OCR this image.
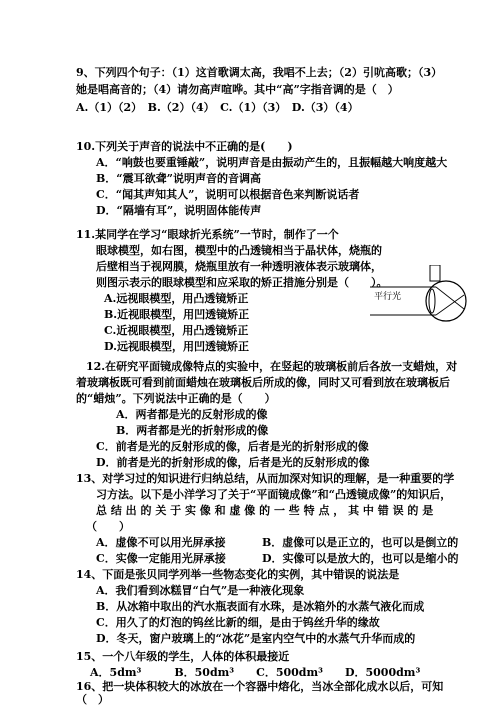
9、下列四个句子：（1）这首歌调太高，我唱不上去；（2）引吭高歌；（3）
她是唱高音的；（4）请勿高声喧哗。其中“高”字指音调的是（　）
A.（1）（2）　B.（2）（4）　C.（1）（3）　D.（3）（4）
10.下列关于声音的说法中不正确的是(　　)
A．“响鼓也要重锤敲”，说明声音是由振动产生的，且振幅越大响度越大
B．“震耳欲聋”说明声音的音调高
C．“闻其声知其人”，说明可以根据音色来判断说话者
D．“隔墙有耳”，说明固体能传声
11.某同学在学习“眼球折光系统”一节时，制作了一个
眼球模型，如右图，模型中的凸透镜相当于晶状体，烧瓶的
后壁相当于视网膜，烧瓶里放有一种透明液体表示玻璃体，
则图示表示的眼球模型和应采取的矫正措施分别是（　　）。
A.远视眼模型，用凸透镜矫正
B.近视眼模型，用凹透镜矫正
C.近视眼模型，用凸透镜矫正
D.远视眼模型，用凹透镜矫正
平行光
12.在研究平面镜成像特点的实验中，在竖起的玻璃板前后各放一支蜡烛，对
着玻璃板既可看到前面蜡烛在玻璃板后所成的像，同时又可看到放在玻璃板后
的“蜡烛”。下列说法中正确的是（　　）
A．两者都是光的反射形成的像
B．两者都是光的折射形成的像
C．前者是光的反射形成的像，后者是光的折射形成的像
D．前者是光的折射形成的像，后者是光的反射形成的像
13、对学习过的知识进行归纳总结，从而加深对知识的理解，是一种重要的学
习方法。以下是小洋学习了关于“平面镜成像”和“凸透镜成像”的知识后，
总 结 出 的 关 于 实 像 和 虚 像 的 一 些 特 点 ， 其 中 错 误 的 是
（　　）
A．虚像不可以用光屏承接	B．虚像可以是正立的，也可以是倒立的
C．实像一定能用光屏承接	D．实像可以是放大的，也可以是缩小的
14、下面是张贝同学列举一些物态变化的实例，其中错误的说法是
A．我们看到冰糕冒“白气”是一种液化现象
B．从冰箱中取出的汽水瓶表面有水珠，是冰箱外的水蒸气液化而成
C．用久了的灯泡的钨丝比新的细，是由于钨丝升华的缘故
D．冬天，窗户玻璃上的“冰花”是室内空气中的水蒸气升华而成的
15、一个八年级的学生，人体的体积最接近
A．5dm³　　　B．50dm³　　C．500dm³　　D．5000dm³
16、把一块体积较大的冰放在一个容器中熔化，当冰全部化成水以后，可知
（　）
